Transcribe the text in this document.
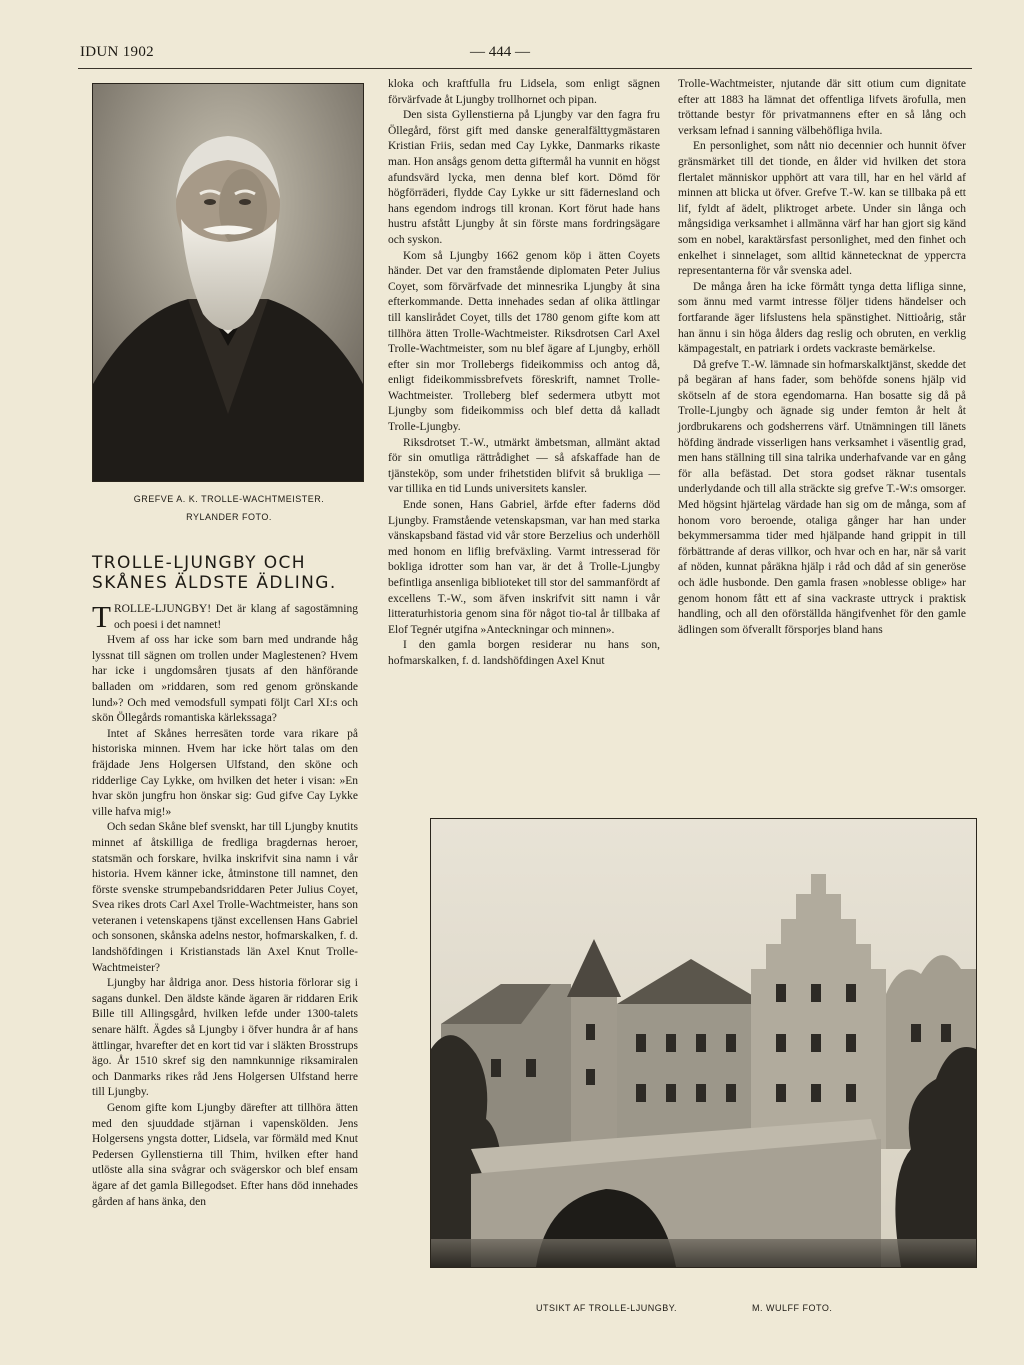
IDUN 1902	— 444 —
GREFVE A. K. TROLLE-WACHTMEISTER.
RYLANDER FOTO.
TROLLE-LJUNGBY OCH SKÅNES ÄLDSTE ÄDLING.

TROLLE-LJUNGBY! Det är klang af sagostämning och poesi i det namnet!

Hvem af oss har icke som barn med undrande håg lyssnat till sägnen om trollen under Maglestenen? Hvem har icke i ungdomsåren tjusats af den hänförande balladen om »riddaren, som red genom grönskande lund»? Och med vemodsfull sympati följt Carl XI:s och skön Öllegårds romantiska kärlekssaga?

Intet af Skånes herresäten torde vara rikare på historiska minnen. Hvem har icke hört talas om den fräjdade Jens Holgersen Ulfstand, den sköne och ridderlige Cay Lykke, om hvilken det heter i visan: »En hvar skön jungfru hon önskar sig: Gud gifve Cay Lykke ville hafva mig!»

Och sedan Skåne blef svenskt, har till Ljungby knutits minnet af åtskilliga de fredliga bragdernas heroer, statsmän och forskare, hvilka inskrifvit sina namn i vår historia. Hvem känner icke, åtminstone till namnet, den förste svenske strumpebandsriddaren Peter Julius Coyet, Svea rikes drots Carl Axel Trolle-Wachtmeister, hans son veteranen i vetenskapens tjänst excellensen Hans Gabriel och sonsonen, skånska adelns nestor, hofmarskalken, f. d. landshöfdingen i Kristianstads län Axel Knut Trolle-Wachtmeister?

Ljungby har åldriga anor. Dess historia förlorar sig i sagans dunkel. Den äldste kände ägaren är riddaren Erik Bille till Allingsgård, hvilken lefde under 1300-talets senare hälft. Ägdes så Ljungby i öfver hundra år af hans ättlingar, hvarefter det en kort tid var i släkten Brosstrups ägo. År 1510 skref sig den namnkunnige riksamiralen och Danmarks rikes råd Jens Holgersen Ulfstand herre till Ljungby.

Genom gifte kom Ljungby därefter att tillhöra ätten med den sjuuddade stjärnan i vapenskölden. Jens Holgersens yngsta dotter, Lidsela, var förmäld med Knut Pedersen Gyllenstierna till Thim, hvilken efter hand utlöste alla sina svågrar och svägerskor och blef ensam ägare af det gamla Billegodset. Efter hans död innehades gården af hans änka, den

kloka och kraftfulla fru Lidsela, som enligt sägnen förvärfvade åt Ljungby trollhornet och pipan.

Den sista Gyllenstierna på Ljungby var den fagra fru Öllegård, först gift med danske generalfälttygmästaren Kristian Friis, sedan med Cay Lykke, Danmarks rikaste man. Hon ansågs genom detta giftermål ha vunnit en högst afundsvärd lycka, men denna blef kort. Dömd för högförräderi, flydde Cay Lykke ur sitt fädernesland och hans egendom indrogs till kronan. Kort förut hade hans hustru afstått Ljungby åt sin förste mans fordringsägare och syskon.

Kom så Ljungby 1662 genom köp i ätten Coyets händer. Det var den framstående diplomaten Peter Julius Coyet, som förvärfvade det minnesrika Ljungby åt sina efterkommande. Detta innehades sedan af olika ättlingar till kanslirådet Coyet, tills det 1780 genom gifte kom att tillhöra ätten Trolle-Wachtmeister. Riksdrotsen Carl Axel Trolle-Wachtmeister, som nu blef ägare af Ljungby, erhöll efter sin mor Trollebergs fideikommiss och antog då, enligt fideikommissbrefvets föreskrift, namnet Trolle-Wachtmeister. Trolleberg blef sedermera utbytt mot Ljungby som fideikommiss och blef detta då kalladt Trolle-Ljungby.

Riksdrotset T.-W., utmärkt ämbetsman, allmänt aktad för sin omutliga rättrådighet — så afskaffade han de tjänsteköp, som under frihetstiden blifvit så brukliga — var tillika en tid Lunds universitets kansler.

Ende sonen, Hans Gabriel, ärfde efter faderns död Ljungby. Framstående vetenskapsman, var han med starka vänskapsband fästad vid vår store Berzelius och underhöll med honom en liflig brefväxling. Varmt intresserad för bokliga idrotter som han var, är det å Trolle-Ljungby befintliga ansenliga biblioteket till stor del sammanfördt af excellens T.-W., som äfven inskrifvit sitt namn i vår litteraturhistoria genom sina för något tio-tal år tillbaka af Elof Tegnér utgifna »Anteckningar och minnen».

I den gamla borgen residerar nu hans son, hofmarskalken, f. d. landshöfdingen Axel Knut

Trolle-Wachtmeister, njutande där sitt otium cum dignitate efter att 1883 ha lämnat det offentliga lifvets ärofulla, men tröttande bestyr för privatmannens efter en så lång och verksam lefnad i sanning välbehöfliga hvila.

En personlighet, som nått nio decennier och hunnit öfver gränsmärket till det tionde, en ålder vid hvilken det stora flertalet människor upphört att vara till, har en hel värld af minnen att blicka ut öfver. Grefve T.-W. kan se tillbaka på ett lif, fyldt af ädelt, pliktroget arbete. Under sin långa och mångsidiga verksamhet i allmänna värf har han gjort sig känd som en nobel, karaktärsfast personlighet, med den finhet och enkelhet i sinnelaget, som alltid kännetecknat de ypperста representanterna för vår svenska adel.

De många åren ha icke förmått tynga detta lifliga sinne, som ännu med varmt intresse följer tidens händelser och fortfarande äger lifslustens hela spänstighet. Nittioårig, står han ännu i sin höga ålders dag reslig och obruten, en verklig kämpagestalt, en patriark i ordets vackraste bemärkelse.

Då grefve T.-W. lämnade sin hofmarskalktjänst, skedde det på begäran af hans fader, som behöfde sonens hjälp vid skötseln af de stora egendomarna. Han bosatte sig då på Trolle-Ljungby och ägnade sig under femton år helt åt jordbrukarens och godsherrens värf. Utnämningen till länets höfding ändrade visserligen hans verksamhet i väsentlig grad, men hans ställning till sina talrika underhafvande var en gång för alla befästad. Det stora godset räknar tusentals underlydande och till alla sträckte sig grefve T.-W:s omsorger. Med högsint hjärtelag värdade han sig om de många, som af honom voro beroende, otaliga gånger har han under bekymmersamma tider med hjälpande hand grippit in till förbättrande af deras villkor, och hvar och en har, när så varit af nöden, kunnat påräkna hjälp i råd och dåd af sin generöse och ädle husbonde. Den gamla frasen »noblesse oblige» har genom honom fått ett af sina vackraste uttryck i praktisk handling, och all den oförställda hängifvenhet för den gamle ädlingen som öfverallt försporjes bland hans

UTSIKT AF TROLLE-LJUNGBY.	M. WULFF FOTO.
